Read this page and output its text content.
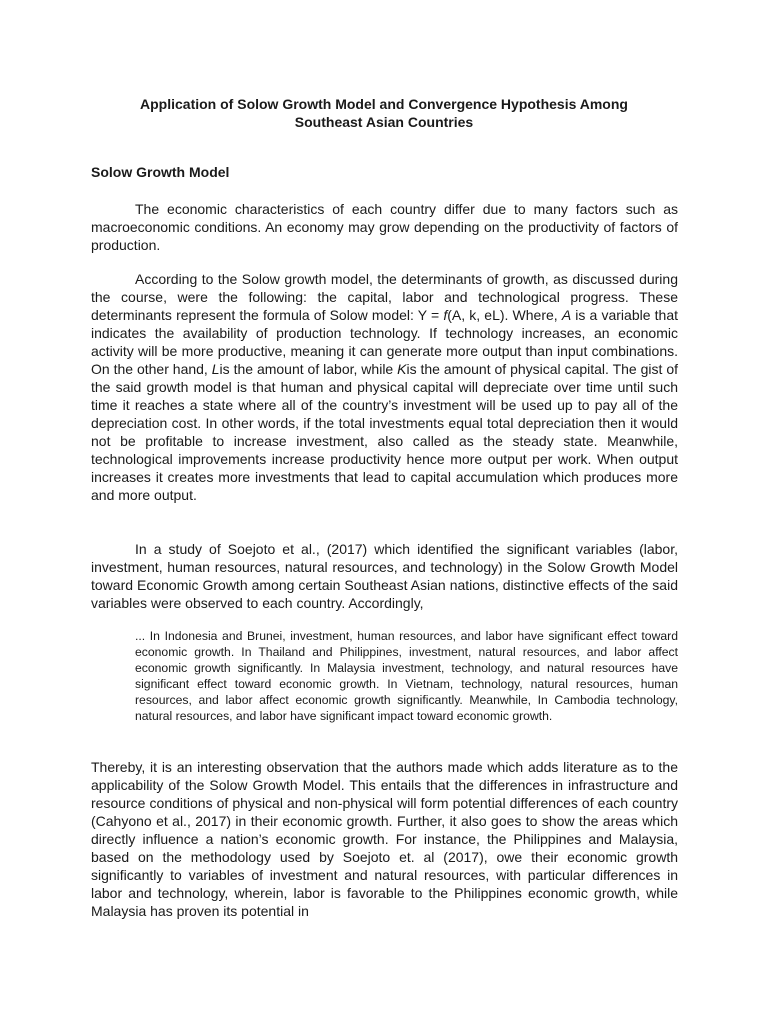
Application of Solow Growth Model and Convergence Hypothesis Among
Southeast Asian Countries
Solow Growth Model

The economic characteristics of each country differ due to many factors such as macroeconomic conditions. An economy may grow depending on the productivity of factors of production.

According to the Solow growth model, the determinants of growth, as discussed during the course, were the following: the capital, labor and technological progress. These determinants represent the formula of Solow model: Y = f(A, k, eL). Where, A is a variable that indicates the availability of production technology. If technology increases, an economic activity will be more productive, meaning it can generate more output than input combinations. On the other hand, Lis the amount of labor, while Kis the amount of physical capital. The gist of the said growth model is that human and physical capital will depreciate over time until such time it reaches a state where all of the country’s investment will be used up to pay all of the depreciation cost. In other words, if the total investments equal total depreciation then it would not be profitable to increase investment, also called as the steady state. Meanwhile, technological improvements increase productivity hence more output per work. When output increases it creates more investments that lead to capital accumulation which produces more and more output.

In a study of Soejoto et al., (2017) which identified the significant variables (labor, investment, human resources, natural resources, and technology) in the Solow Growth Model toward Economic Growth among certain Southeast Asian nations, distinctive effects of the said variables were observed to each country. Accordingly,

... In Indonesia and Brunei, investment, human resources, and labor have significant effect toward economic growth. In Thailand and Philippines, investment, natural resources, and labor affect economic growth significantly. In Malaysia investment, technology, and natural resources have significant effect toward economic growth. In Vietnam, technology, natural resources, human resources, and labor affect economic growth significantly. Meanwhile, In Cambodia technology, natural resources, and labor have significant impact toward economic growth.

Thereby, it is an interesting observation that the authors made which adds literature as to the applicability of the Solow Growth Model. This entails that the differences in infrastructure and resource conditions of physical and non-physical will form potential differences of each country (Cahyono et al., 2017) in their economic growth. Further, it also goes to show the areas which directly influence a nation’s economic growth. For instance, the Philippines and Malaysia, based on the methodology used by Soejoto et. al (2017), owe their economic growth significantly to variables of investment and natural resources, with particular differences in labor and technology, wherein, labor is favorable to the Philippines economic growth, while Malaysia has proven its potential in
